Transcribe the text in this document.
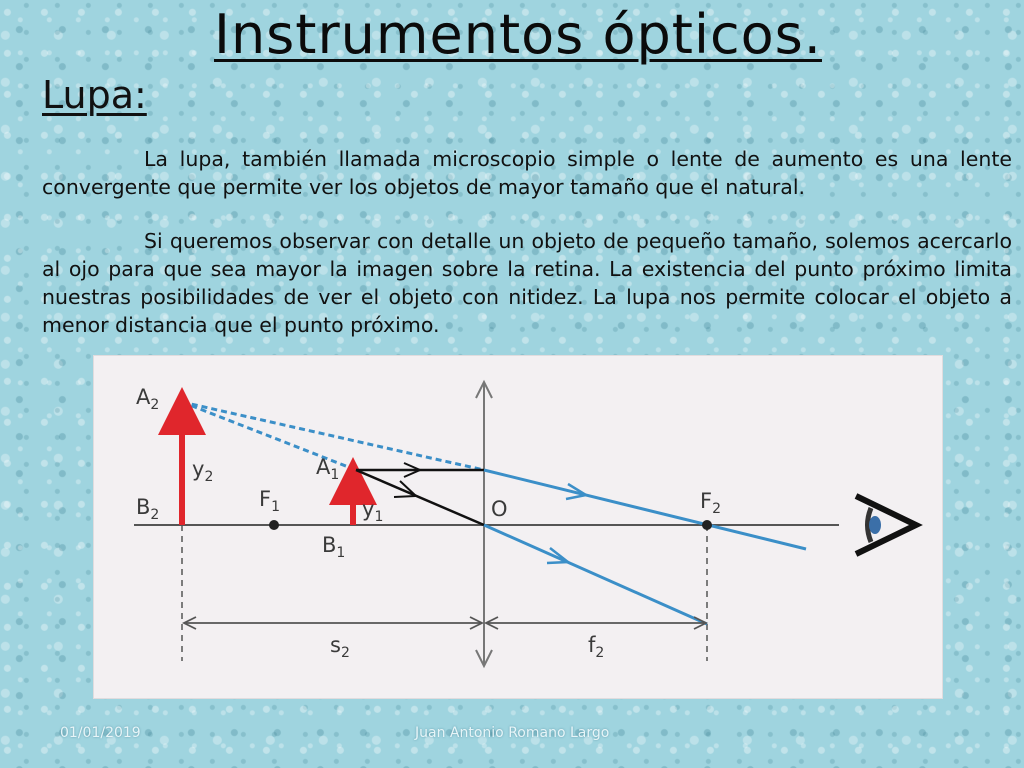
Instrumentos ópticos.
Lupa:

La lupa, también llamada microscopio simple o lente de aumento es una lente convergente que permite ver los objetos de mayor tamaño que el natural.

Si queremos observar con detalle un objeto de pequeño tamaño, solemos acercarlo al ojo para que sea mayor la imagen sobre la retina. La existencia del punto próximo limita nuestras posibilidades de ver el objeto con nitidez. La lupa nos permite colocar el objeto a menor distancia que el punto próximo.

$A_2$
$y_2$
$B_2$
$F_1$
$A_1$
$y_1$
$B_1$
O	$F_2$
$s_2$	$f_2$
01/01/2019	Juan Antonio Romano Largo
